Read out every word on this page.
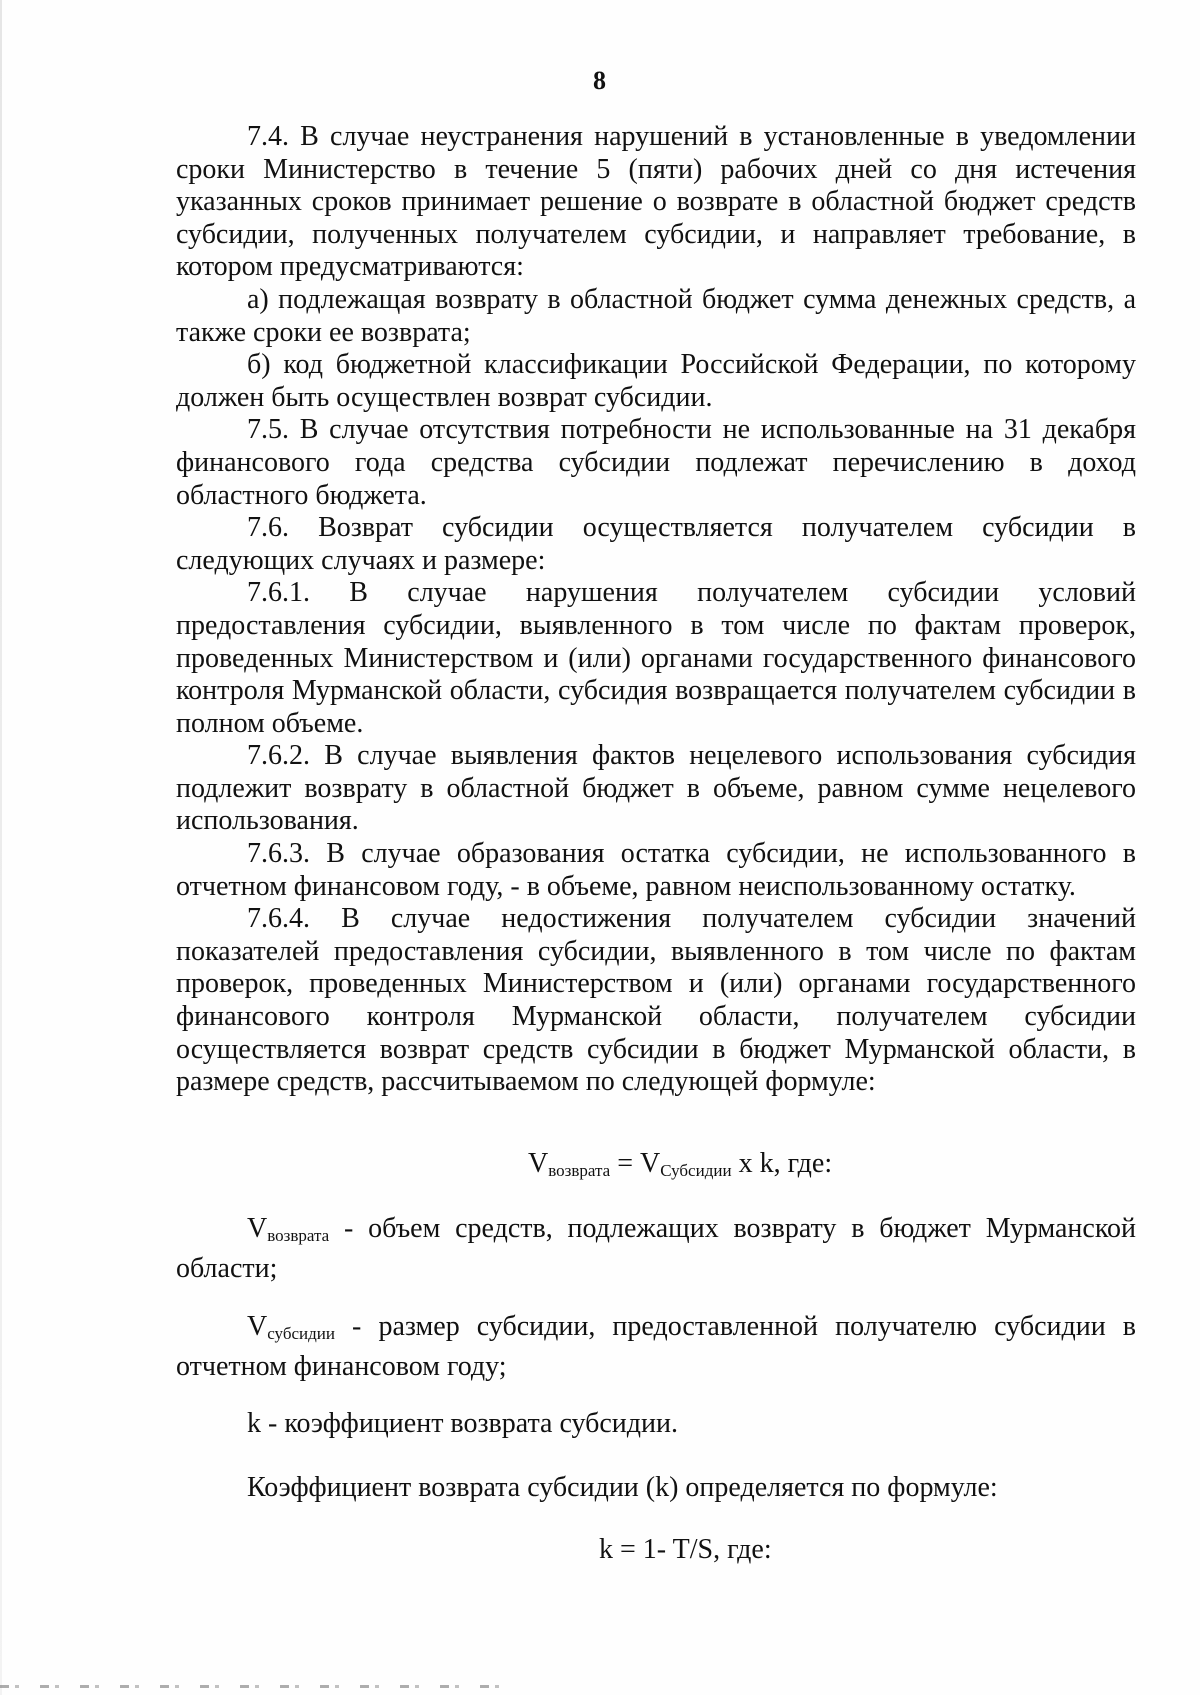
8

7.4. В случае неустранения нарушений в установленные в уведомлении сроки Министерство в течение 5 (пяти) рабочих дней со дня истечения указанных сроков принимает решение о возврате в областной бюджет средств субсидии, полученных получателем субсидии, и направляет требование, в котором предусматриваются:

а) подлежащая возврату в областной бюджет сумма денежных средств, а также сроки ее возврата;

б) код бюджетной классификации Российской Федерации, по которому должен быть осуществлен возврат субсидии.

7.5. В случае отсутствия потребности не использованные на 31 декабря финансового года средства субсидии подлежат перечислению в доход областного бюджета.

7.6. Возврат субсидии осуществляется получателем субсидии в следующих случаях и размере:

7.6.1. В случае нарушения получателем субсидии условий предоставления субсидии, выявленного в том числе по фактам проверок, проведенных Министерством и (или) органами государственного финансового контроля Мурманской области, субсидия возвращается получателем субсидии в полном объеме.

7.6.2. В случае выявления фактов нецелевого использования субсидия подлежит возврату в областной бюджет в объеме, равном сумме нецелевого использования.

7.6.3. В случае образования остатка субсидии, не использованного в отчетном финансовом году, - в объеме, равном неиспользованному остатку.

7.6.4. В случае недостижения получателем субсидии значений показателей предоставления субсидии, выявленного в том числе по фактам проверок, проведенных Министерством и (или) органами государственного финансового контроля Мурманской области, получателем субсидии осуществляется возврат средств субсидии в бюджет Мурманской области, в размере средств, рассчитываемом по следующей формуле:

$V_{возврата} = V_{Субсидии}$ x k, где:

$V_{возврата}$ - объем средств, подлежащих возврату в бюджет Мурманской области;

$V_{субсидии}$ - размер субсидии, предоставленной получателю субсидии в отчетном финансовом году;

k - коэффициент возврата субсидии.

Коэффициент возврата субсидии (k) определяется по формуле:

k = 1- T/S, где:
